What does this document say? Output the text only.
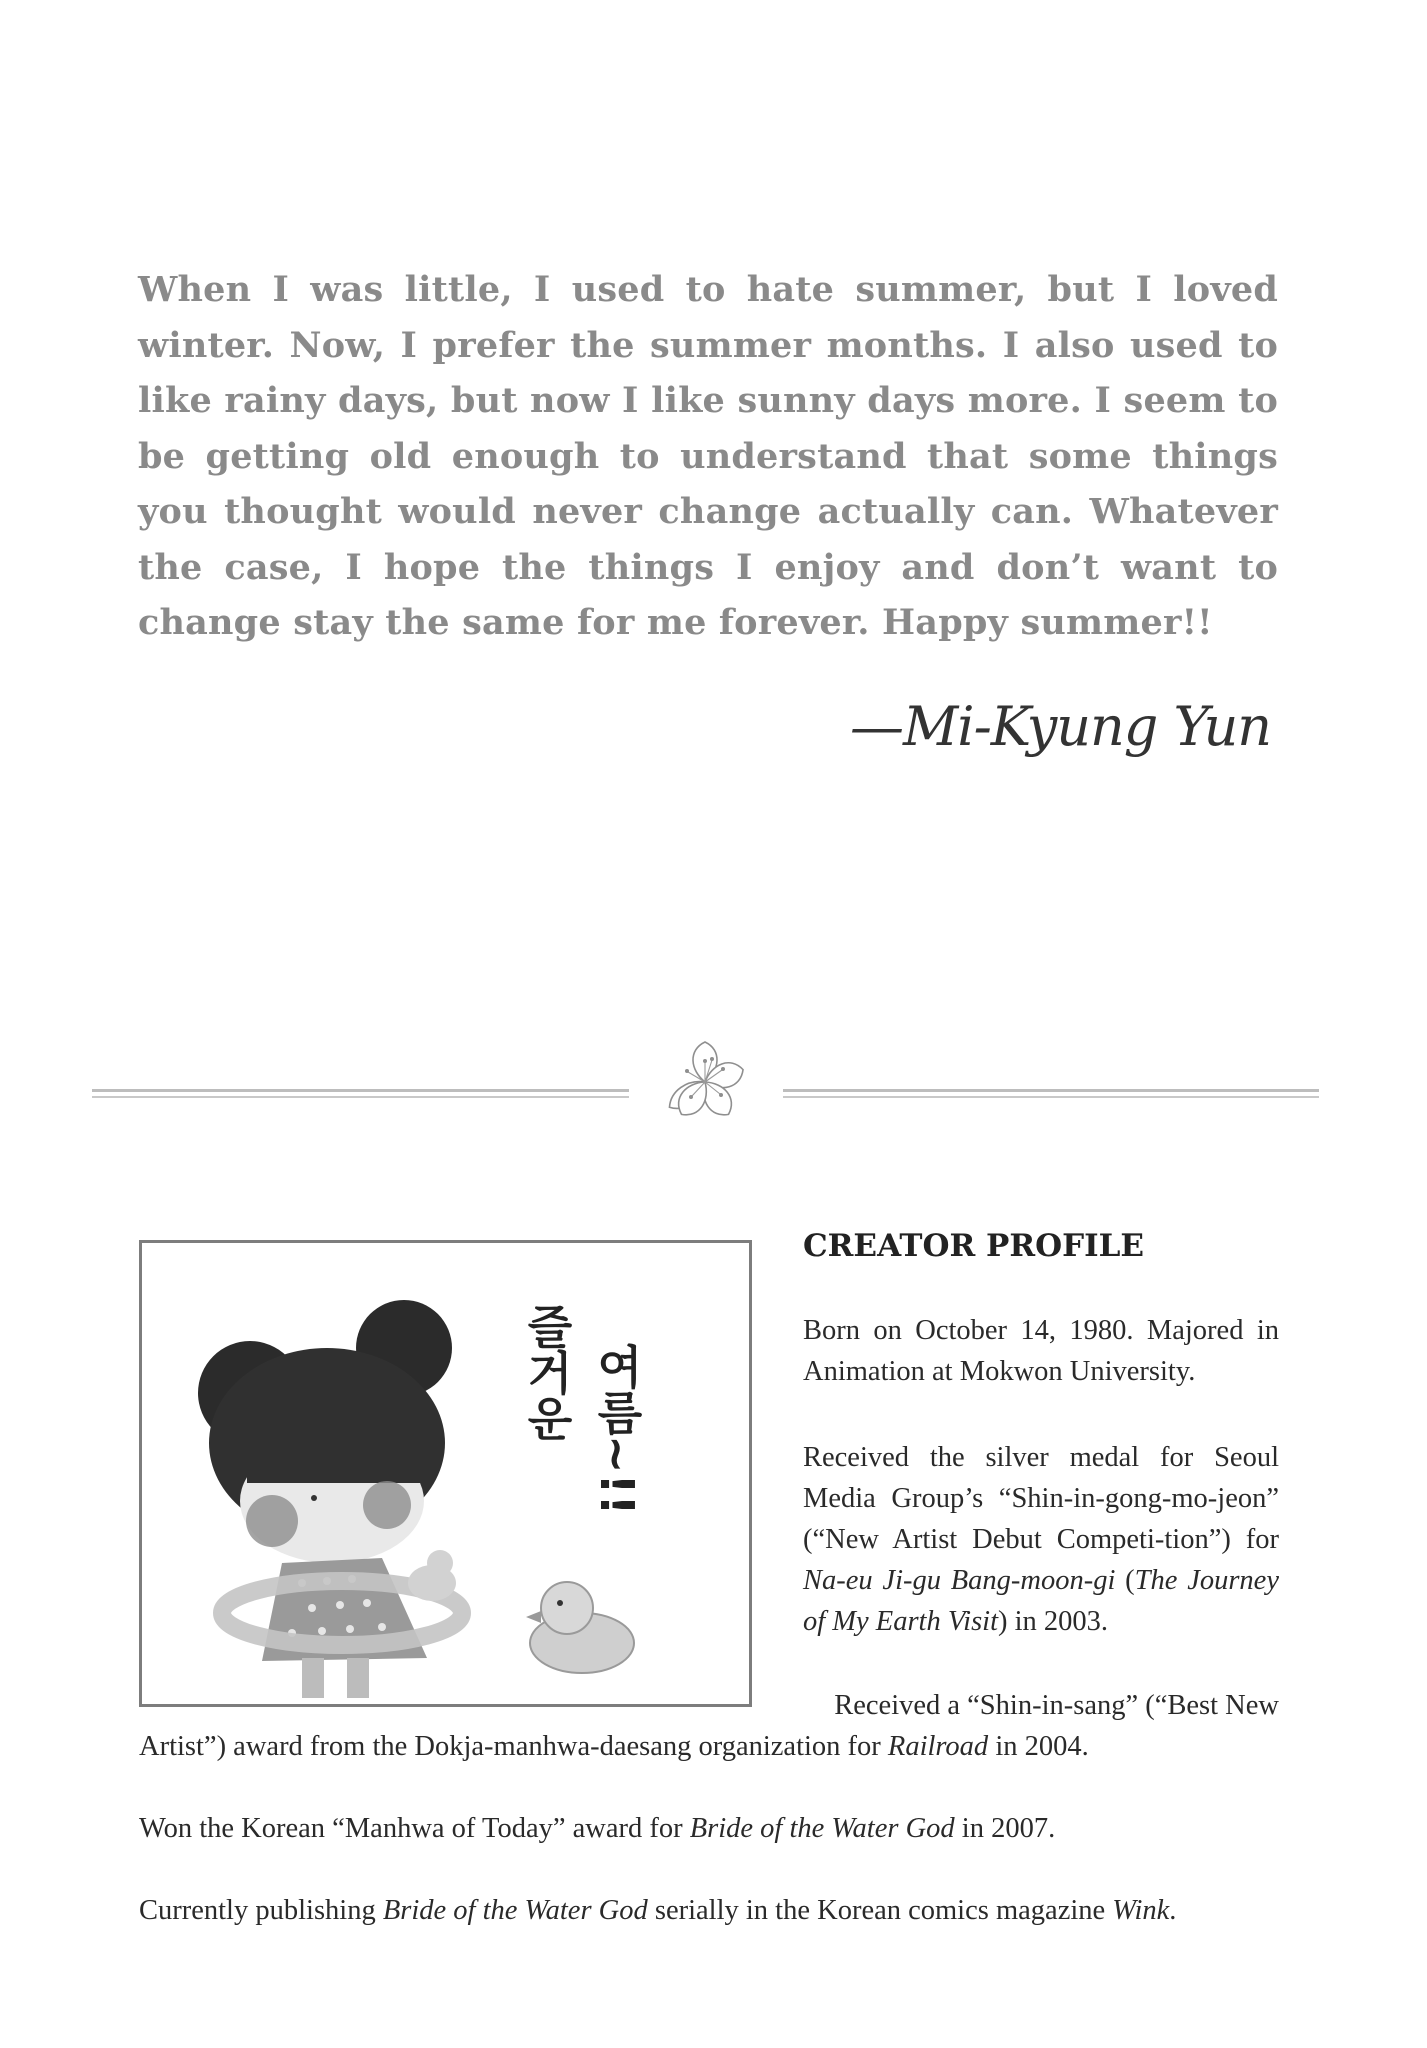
When I was little, I used to hate summer, but I loved winter. Now, I prefer the summer months. I also used to like rainy days, but now I like sunny days more. I seem to be getting old enough to understand that some things you thought would never change actually can. Whatever the case, I hope the things I enjoy and don’t want to change stay the same for me forever. Happy summer!!
—Mi-Kyung Yun
즐거운 여름~!!
CREATOR PROFILE
Born on October 14, 1980. Majored in Animation at Mokwon University.
Received the silver medal for Seoul Media Group’s “Shin-in-gong-mo-jeon” (“New Artist Debut Competi-tion”) for Na-eu Ji-gu Bang-moon-gi (The Journey of My Earth Visit) in 2003.
Received a “Shin-in-sang” (“Best New
Artist”) award from the Dokja-manhwa-daesang organization for Railroad in 2004.
Won the Korean “Manhwa of Today” award for Bride of the Water God in 2007.
Currently publishing Bride of the Water God serially in the Korean comics magazine Wink.
